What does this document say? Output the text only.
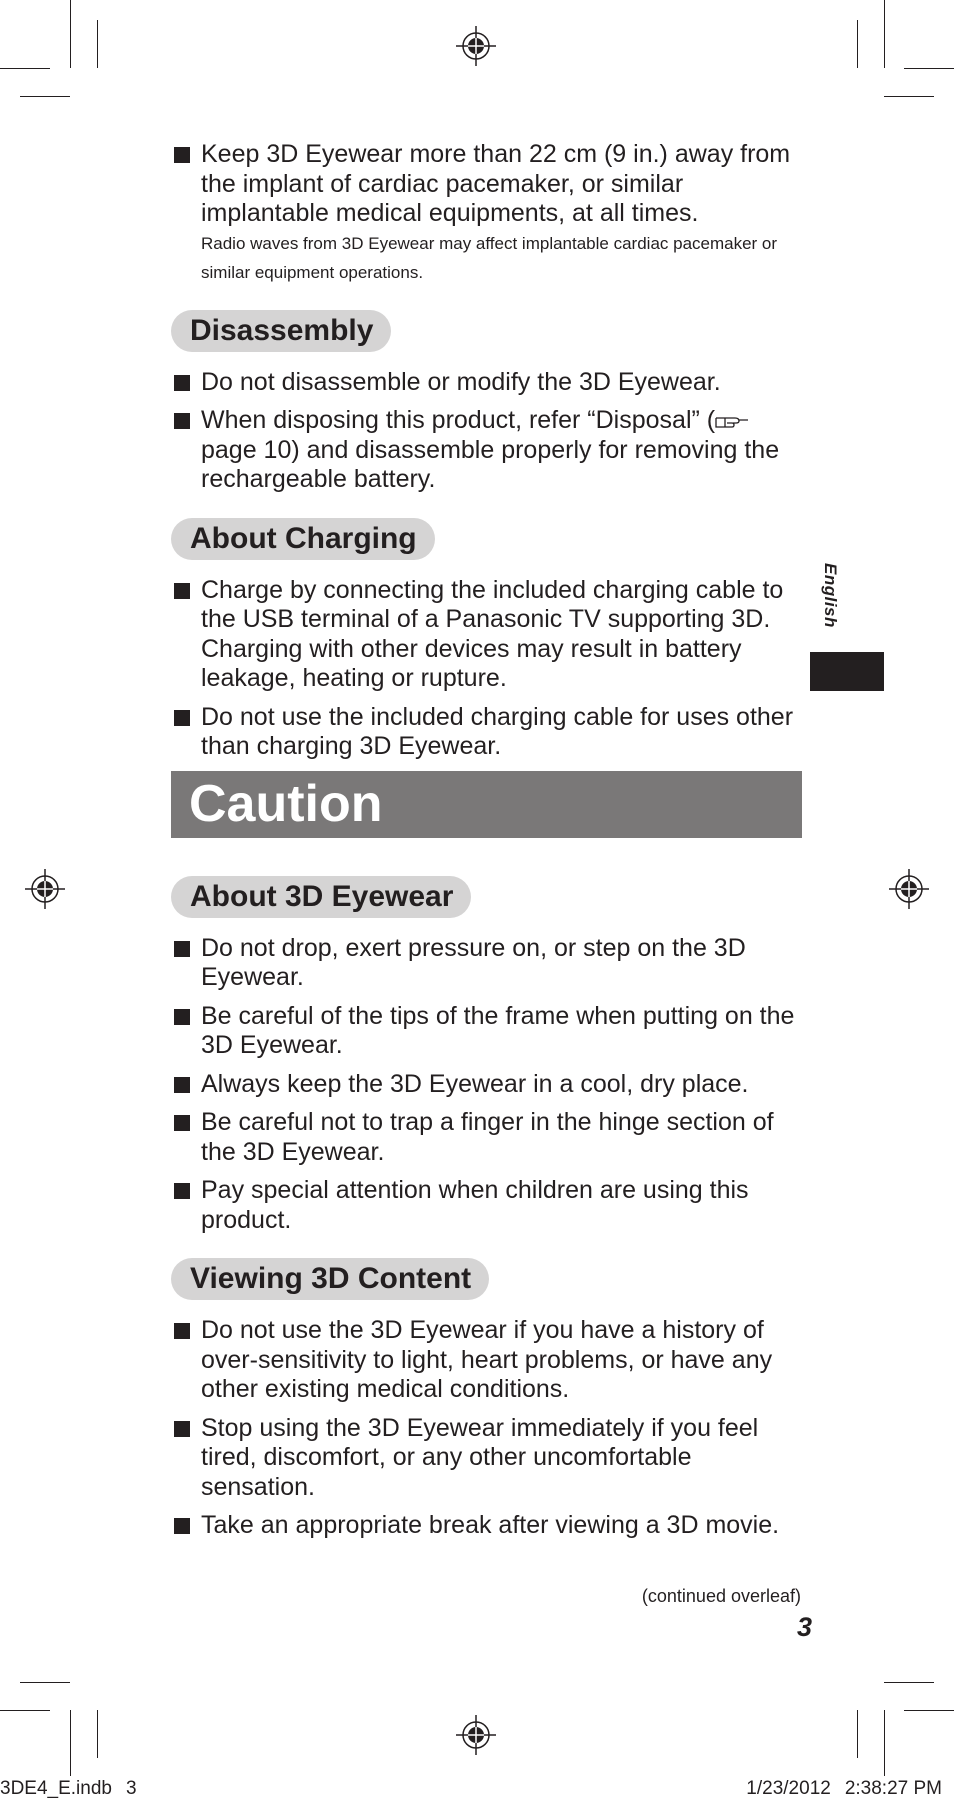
Keep 3D Eyewear more than 22 cm (9 in.) away from the implant of cardiac pacemaker, or similar implantable medical equipments, at all times.
Radio waves from 3D Eyewear may affect implantable cardiac pacemaker or similar equipment operations.
Disassembly
Do not disassemble or modify the 3D Eyewear.
When disposing this product, refer “Disposal” ( page 10) and disassemble properly for removing the rechargeable battery.
About Charging
Charge by connecting the included charging cable to the USB terminal of a Panasonic TV supporting 3D. Charging with other devices may result in battery leakage, heating or rupture.
Do not use the included charging cable for uses other than charging 3D Eyewear.
Caution
About 3D Eyewear
Do not drop, exert pressure on, or step on the 3D Eyewear.
Be careful of the tips of the frame when putting on the 3D Eyewear.
Always keep the 3D Eyewear in a cool, dry place.
Be careful not to trap a finger in the hinge section of the 3D Eyewear.
Pay special attention when children are using this product.
Viewing 3D Content
Do not use the 3D Eyewear if you have a history of over-sensitivity to light, heart problems, or have any other existing medical conditions.
Stop using the 3D Eyewear immediately if you feel tired, discomfort, or any other uncomfortable sensation.
Take an appropriate break after viewing a 3D movie.
English
(continued overleaf)
3
3DE4_E.indb 3	1/23/2012 2:38:27 PM
